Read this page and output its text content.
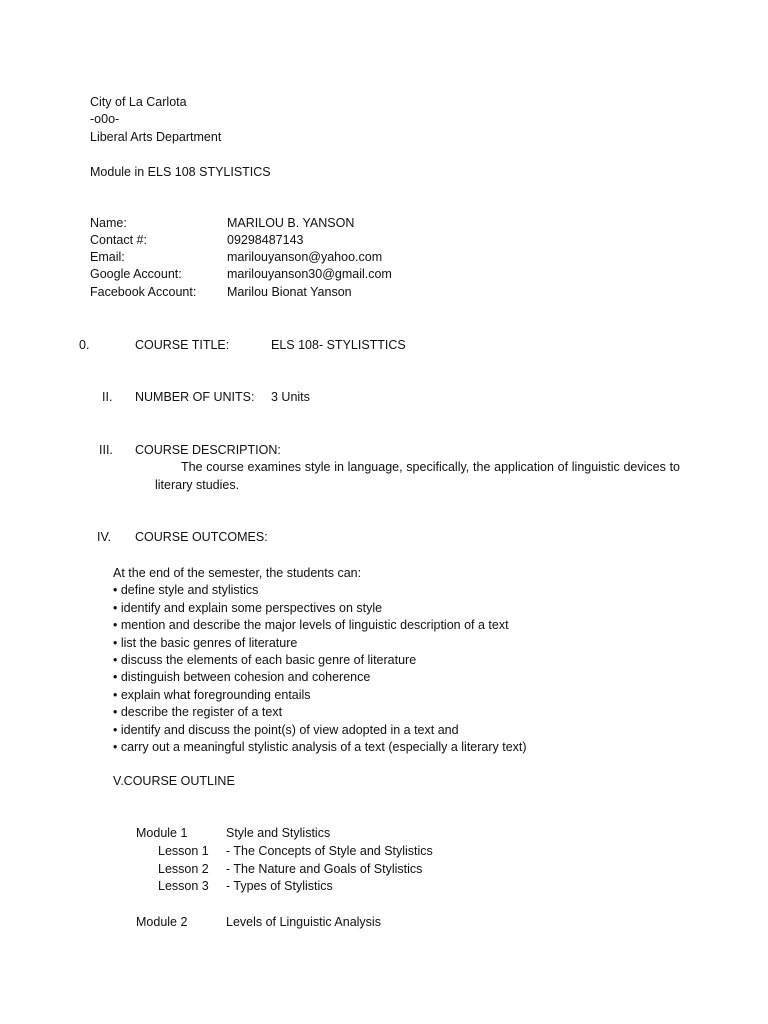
City of La Carlota
-o0o-
Liberal Arts Department
Module in ELS 108 STYLISTICS
Name:	MARILOU B. YANSON
Contact #:	09298487143
Email:	marilouyanson@yahoo.com
Google Account:	marilouyanson30@gmail.com
Facebook Account: Marilou Bionat Yanson
0.	COURSE TITLE:	ELS 108- STYLISTTICS
II. NUMBER OF UNITS: 3 Units
III. COURSE DESCRIPTION:
The course examines style in language, specifically, the application of linguistic devices to literary studies.
IV. COURSE OUTCOMES:
At the end of the semester, the students can:
• define style and stylistics
• identify and explain some perspectives on style
• mention and describe the major levels of linguistic description of a text
• list the basic genres of literature
• discuss the elements of each basic genre of literature
• distinguish between cohesion and coherence
• explain what foregrounding entails
• describe the register of a text
• identify and discuss the point(s) of view adopted in a text and
• carry out a meaningful stylistic analysis of a text (especially a literary text)
V.COURSE OUTLINE
Module 1	Style and Stylistics
Lesson 1 - The Concepts of Style and Stylistics
Lesson 2 - The Nature and Goals of Stylistics
Lesson 3 - Types of Stylistics
Module 2	Levels of Linguistic Analysis
